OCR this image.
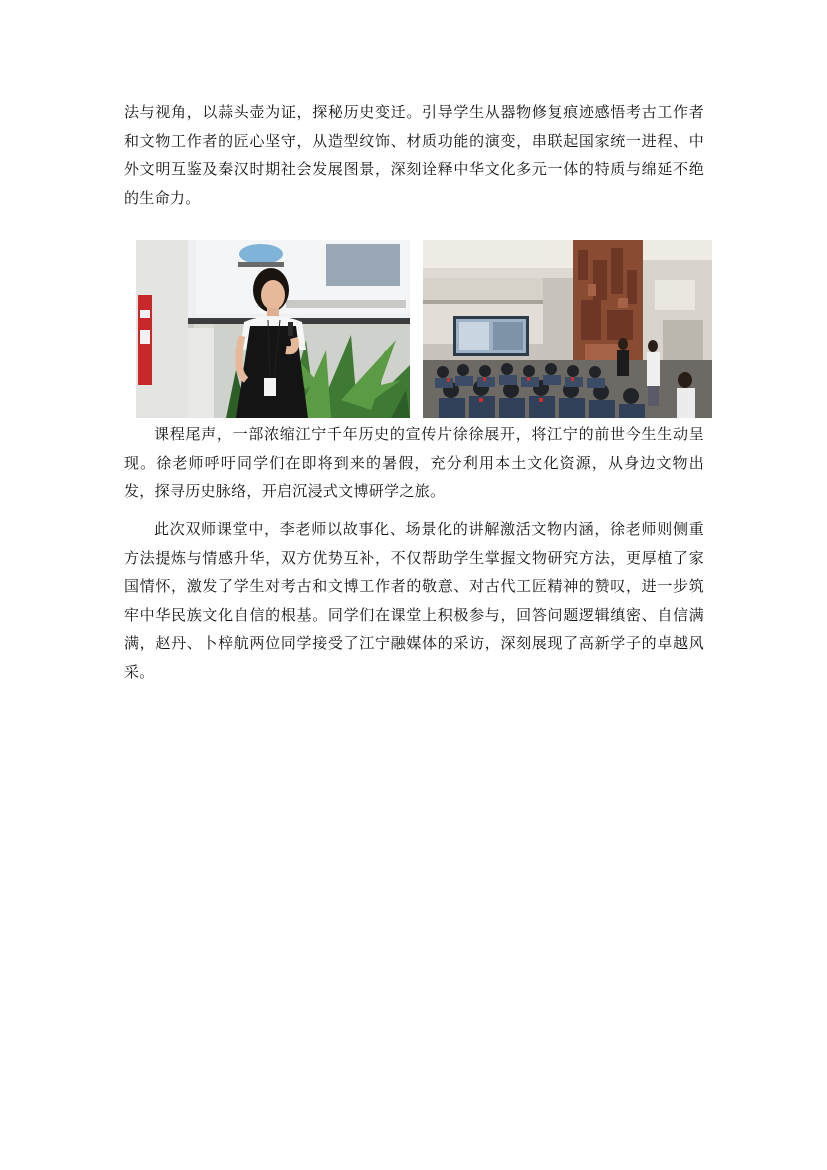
法与视角，以蒜头壶为证，探秘历史变迁。引导学生从器物修复痕迹感悟考古工作者和文物工作者的匠心坚守，从造型纹饰、材质功能的演变，串联起国家统一进程、中外文明互鉴及秦汉时期社会发展图景，深刻诠释中华文化多元一体的特质与绵延不绝的生命力。

课程尾声，一部浓缩江宁千年历史的宣传片徐徐展开，将江宁的前世今生生动呈现。徐老师呼吁同学们在即将到来的暑假，充分利用本土文化资源，从身边文物出发，探寻历史脉络，开启沉浸式文博研学之旅。

此次双师课堂中，李老师以故事化、场景化的讲解激活文物内涵，徐老师则侧重方法提炼与情感升华，双方优势互补，不仅帮助学生掌握文物研究方法，更厚植了家国情怀，激发了学生对考古和文博工作者的敬意、对古代工匠精神的赞叹，进一步筑牢中华民族文化自信的根基。同学们在课堂上积极参与，回答问题逻辑缜密、自信满满，赵丹、卜梓航两位同学接受了江宁融媒体的采访，深刻展现了高新学子的卓越风采。
